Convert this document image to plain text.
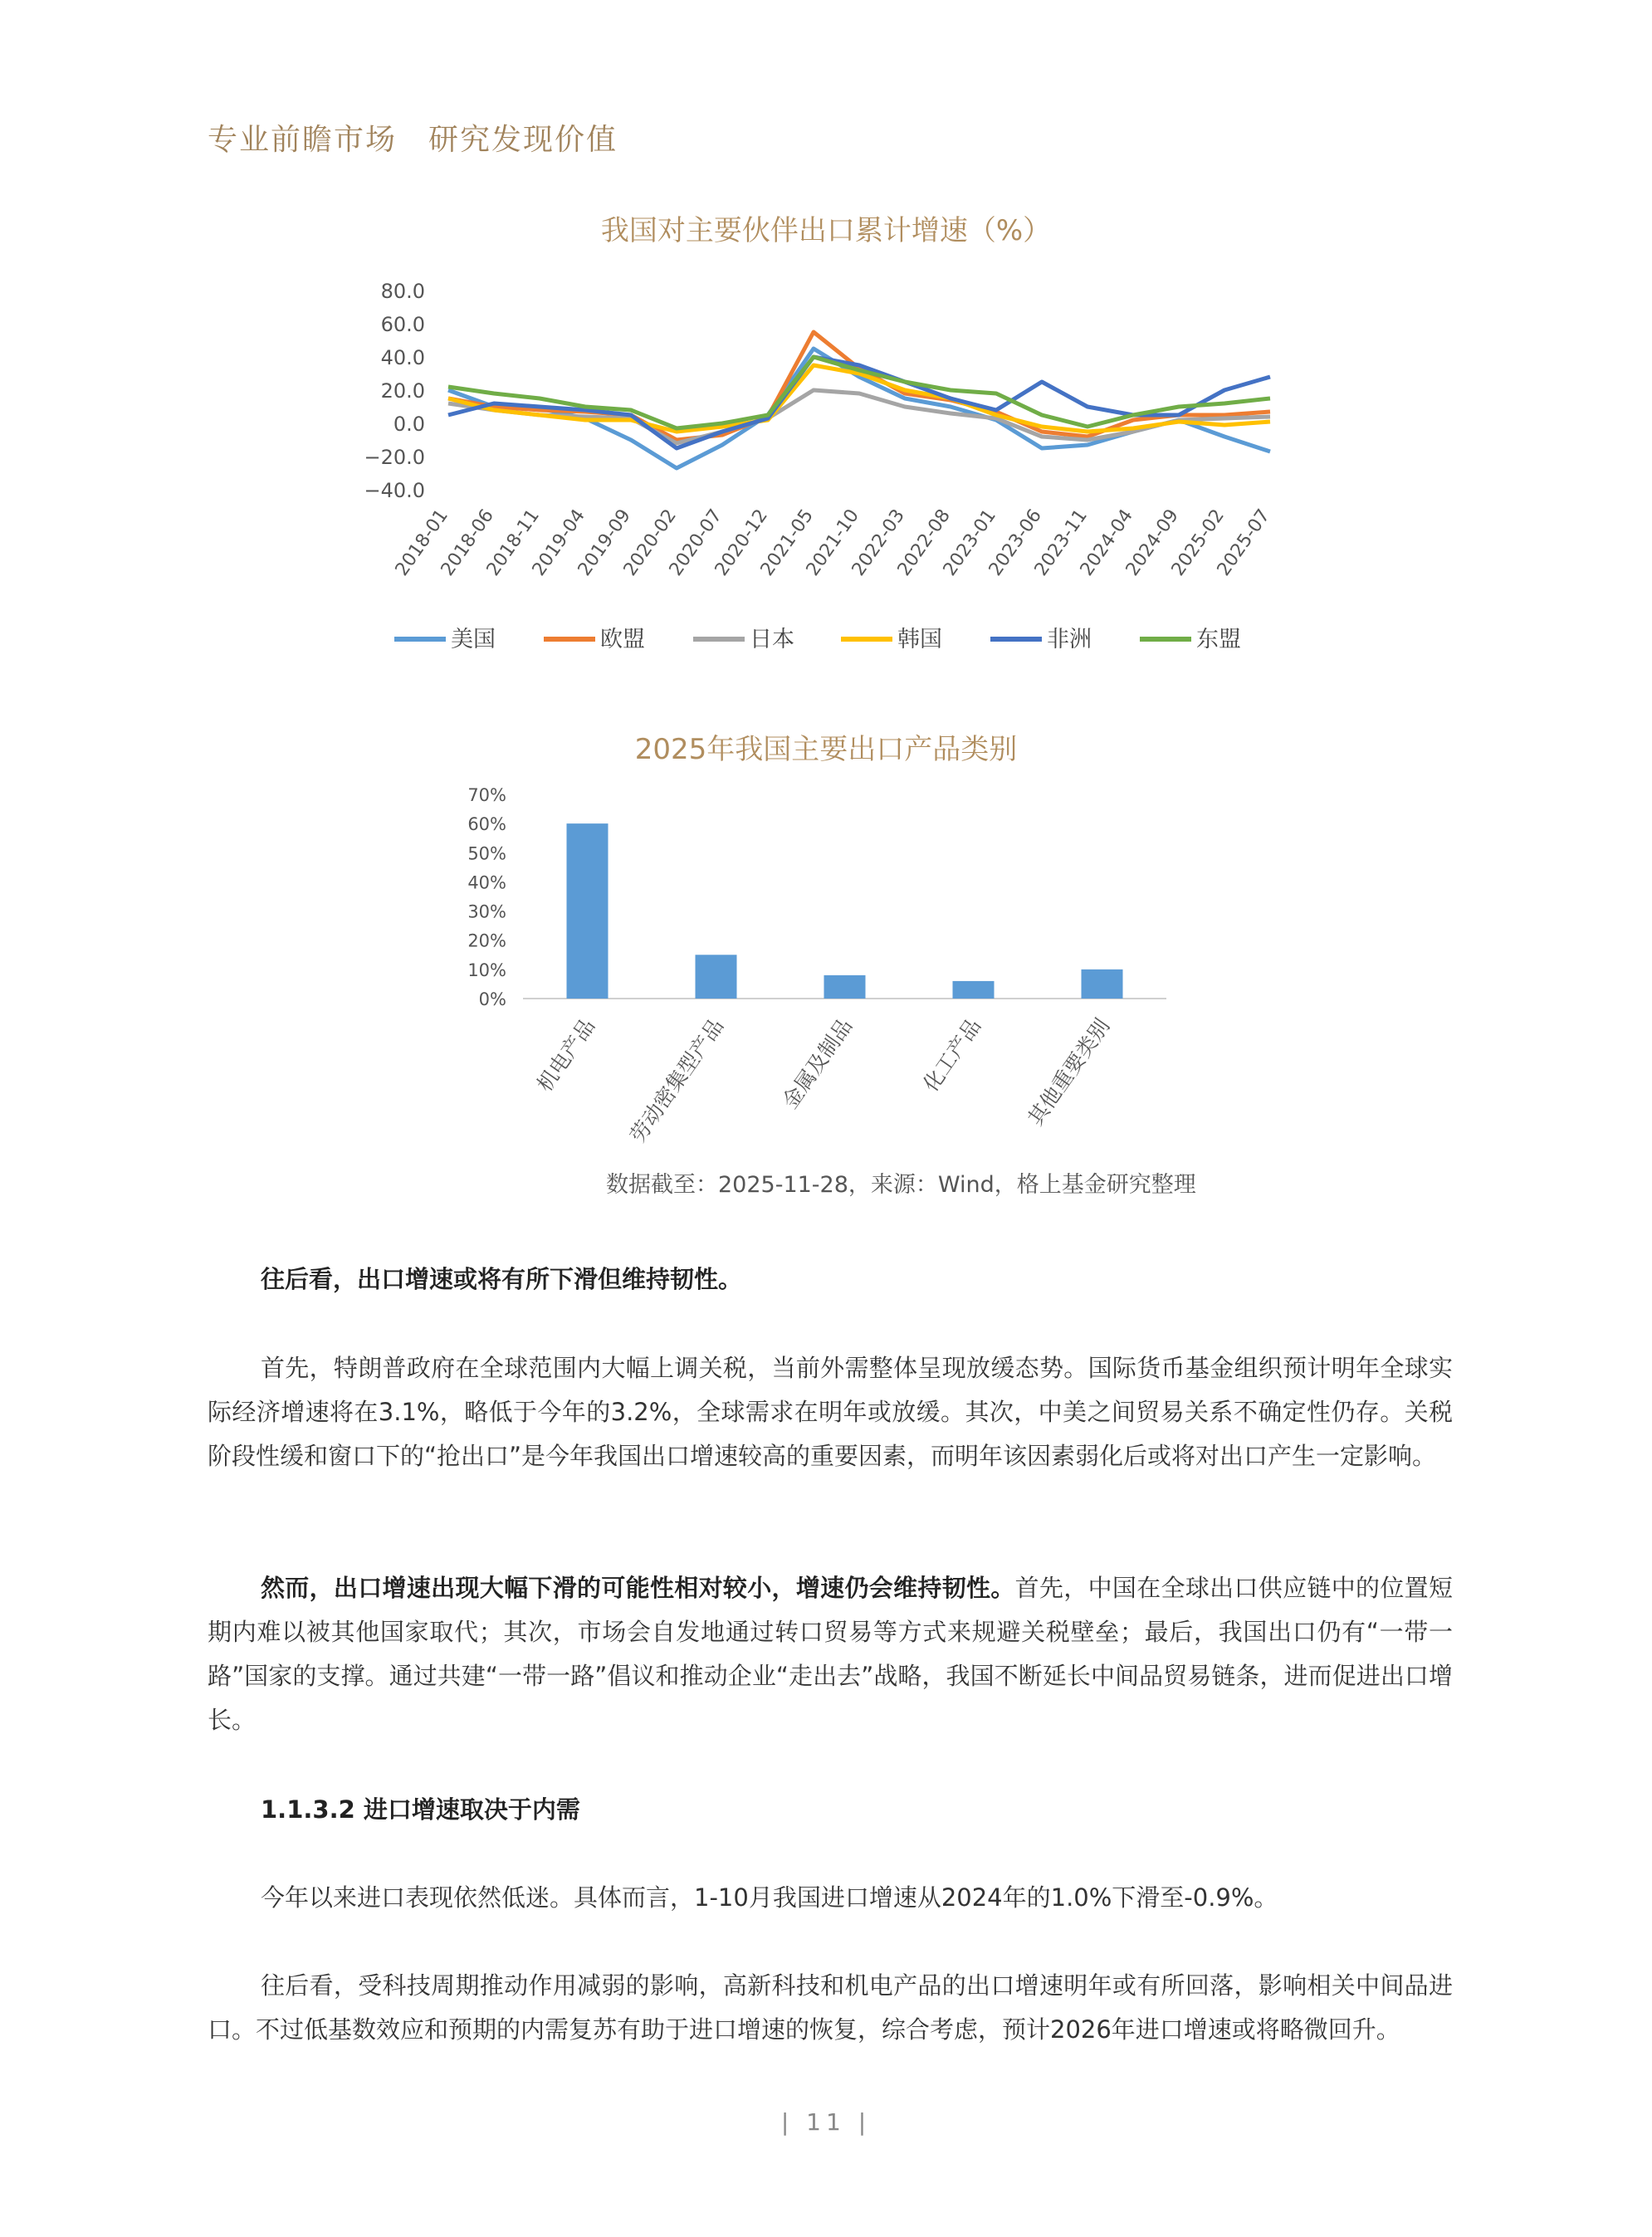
专业前瞻市场　研究发现价值
我国对主要伙伴出口累计增速（%）
80.0
60.0
40.0
20.0
0.0
−20.0
−40.0
2018-01
2018-06
2018-11
2019-04
2019-09
2020-02
2020-07
2020-12
2021-05
2021-10
2022-03
2022-08
2023-01
2023-06
2023-11
2024-04
2024-09
2025-02
2025-07
美国	欧盟	日本	韩国	非洲	东盟
2025年我国主要出口产品类别
70%
60%
50%
40%
30%
20%
10%
0%
机电产品 劳动密集型产品 金属及制品	化工产品 其他重要类别
数据截至：2025-11-28，来源：Wind，格上基金研究整理
往后看，出口增速或将有所下滑但维持韧性。
首先，特朗普政府在全球范围内大幅上调关税，当前外需整体呈现放缓态势。国际货币基金组织预计明年全球实际经济增速将在3.1%，略低于今年的3.2%，全球需求在明年或放缓。其次，中美之间贸易关系不确定性仍存。关税阶段性缓和窗口下的“抢出口”是今年我国出口增速较高的重要因素，而明年该因素弱化后或将对出口产生一定影响。
然而，出口增速出现大幅下滑的可能性相对较小，增速仍会维持韧性。首先，中国在全球出口供应链中的位置短期内难以被其他国家取代；其次，市场会自发地通过转口贸易等方式来规避关税壁垒；最后，我国出口仍有“一带一路”国家的支撑。通过共建“一带一路”倡议和推动企业“走出去”战略，我国不断延长中间品贸易链条，进而促进出口增长。
1.1.3.2 进口增速取决于内需
今年以来进口表现依然低迷。具体而言，1-10月我国进口增速从2024年的1.0%下滑至-0.9%。
往后看，受科技周期推动作用减弱的影响，高新科技和机电产品的出口增速明年或有所回落，影响相关中间品进口。不过低基数效应和预期的内需复苏有助于进口增速的恢复，综合考虑，预计2026年进口增速或将略微回升。
| 11 |
